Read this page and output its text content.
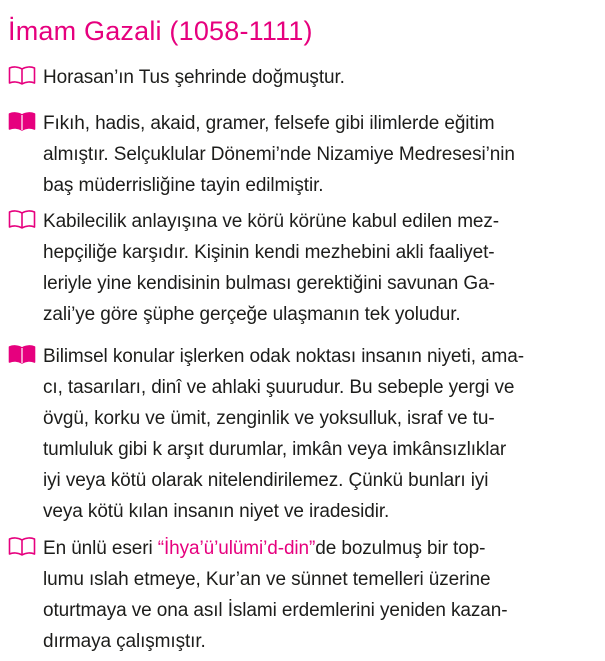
İmam Gazali (1058-1111)
Horasan’ın Tus şehrinde doğmuştur.
Fıkıh, hadis, akaid, gramer, felsefe gibi ilimlerde eğitim
almıştır. Selçuklular Dönemi’nde Nizamiye Medresesi’nin
baş müderrisliğine tayin edilmiştir.
Kabilecilik anlayışına ve körü körüne kabul edilen mez-
hepçiliğe karşıdır. Kişinin kendi mezhebini akli faaliyet-
leriyle yine kendisinin bulması gerektiğini savunan Ga-
zali’ye göre şüphe gerçeğe ulaşmanın tek yoludur.
Bilimsel konular işlerken odak noktası insanın niyeti, ama-
cı, tasarıları, dinî ve ahlaki şuurudur. Bu sebeple yergi ve
övgü, korku ve ümit, zenginlik ve yoksulluk, israf ve tu-
tumluluk gibi k arşıt durumlar, imkân veya imkânsızlıklar
iyi veya kötü olarak nitelendirilemez. Çünkü bunları iyi
veya kötü kılan insanın niyet ve iradesidir.
En ünlü eseri “İhya’ü’ulümi’d-din”de bozulmuş bir top-
lumu ıslah etmeye, Kur’an ve sünnet temelleri üzerine
oturtmaya ve ona asıl İslami erdemlerini yeniden kazan-
dırmaya çalışmıştır.
